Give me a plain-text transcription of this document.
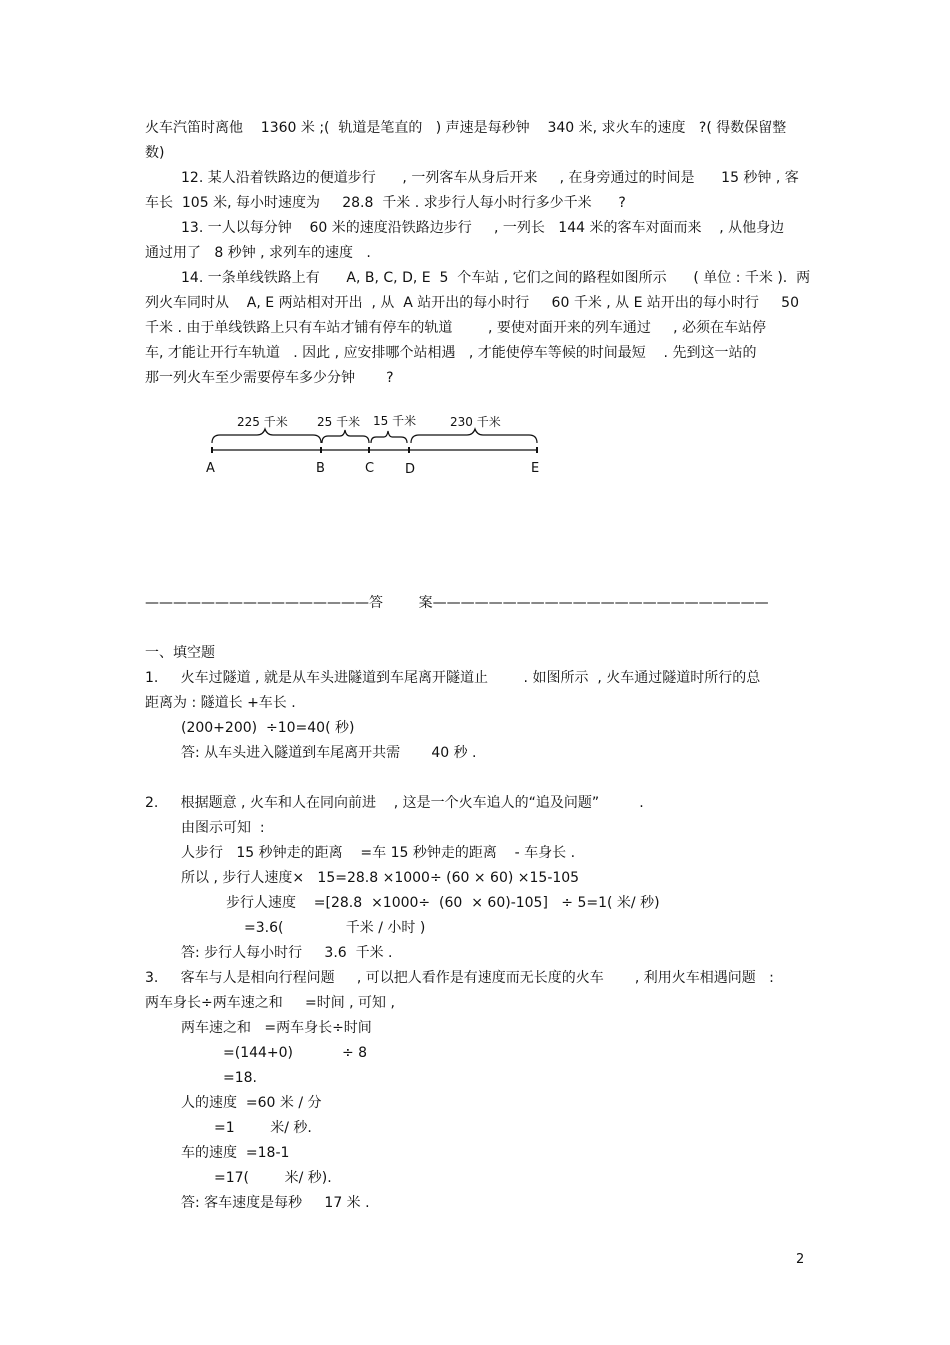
火车汽笛时离他    1360 米 ;(  轨道是笔直的   ) 声速是每秒钟    340 米, 求火车的速度   ?( 得数保留整
数)
12. 某人沿着铁路边的便道步行      , 一列客车从身后开来     , 在身旁通过的时间是      15 秒钟 , 客
车长  105 米, 每小时速度为     28.8  千米 . 求步行人每小时行多少千米      ?
13. 一人以每分钟    60 米的速度沿铁路边步行     , 一列长   144 米的客车对面而来    , 从他身边
通过用了   8 秒钟 , 求列车的速度   .
14. 一条单线铁路上有      A, B, C, D, E  5  个车站 , 它们之间的路程如图所示      ( 单位 : 千米 ).  两
列火车同时从    A, E 两站相对开出  , 从  A 站开出的每小时行     60 千米 , 从 E 站开出的每小时行     50
千米 . 由于单线铁路上只有车站才铺有停车的轨道        , 要使对面开来的列车通过     , 必须在车站停
车, 才能让开行车轨道   . 因此 , 应安排哪个站相遇   , 才能使停车等候的时间最短    . 先到这一站的
那一列火车至少需要停车多少分钟       ?
225 千米 25 千米 15 千米	230 千米
A	B	C D	E
————————————————答        案————————————————————————
一、填空题
1.     火车过隧道 , 就是从车头进隧道到车尾离开隧道止        . 如图所示  , 火车通过隧道时所行的总
距离为 : 隧道长 +车长 .
(200+200)  ÷10=40( 秒)
答: 从车头进入隧道到车尾离开共需       40 秒 .
2.     根据题意 , 火车和人在同向前进    , 这是一个火车追人的“追及问题”         .
由图示可知  :
人步行   15 秒钟走的距离    =车 15 秒钟走的距离    - 车身长 .
所以 , 步行人速度×   15=28.8 ×1000÷ (60 × 60) ×15-105
步行人速度    =[28.8  ×1000÷  (60  × 60)-105]   ÷ 5=1( 米/ 秒)
=3.6(              千米 / 小时 )
答: 步行人每小时行     3.6  千米 .
3.     客车与人是相向行程问题     , 可以把人看作是有速度而无长度的火车       , 利用火车相遇问题   :
两车身长÷两车速之和     =时间 , 可知 ,
两车速之和   =两车身长÷时间
=(144+0)           ÷ 8
=18.
人的速度  =60 米 / 分
=1        米/ 秒.
车的速度  =18-1
=17(        米/ 秒).
答: 客车速度是每秒     17 米 .
2
